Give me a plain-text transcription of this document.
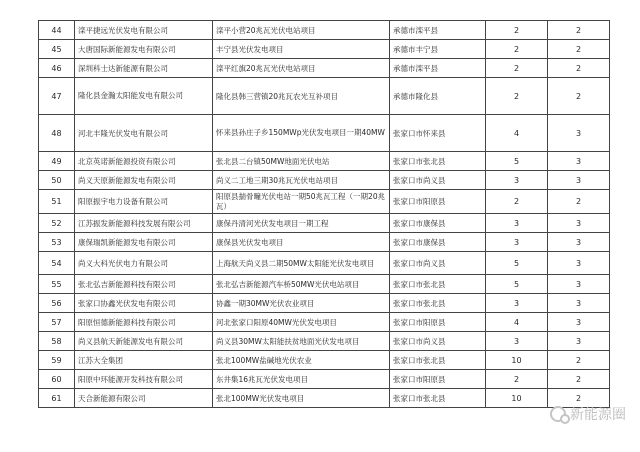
44	滦平捷远光伏发电有限公司	滦平小营20兆瓦光伏电站项目	承德市滦平县	2	2
45	大唐国际新能源发电有限公司	丰宁县光伏发电项目	承德市丰宁县	2	2
46	深圳科士达新能源有限公司	滦平红旗20兆瓦光伏电站项目	承德市滦平县	2	2
47	隆化县金瀚太阳能发电有限公司	隆化县韩三营镇20兆瓦农光互补项目	承德市隆化县	2	2
48	河北丰隆光伏发电有限公司	怀来县孙庄子乡150MWp光伏发电项目一期40MW	张家口市怀来县	4	3
49	北京英诺新能源投资有限公司	张北县二台镇50MW地面光伏电站	张家口市张北县	5	3
50	尚义天原新能源发电有限公司	尚义二工地三期30兆瓦光伏电站项目	张家口市尚义县	3	3
51	阳原振宇电力设备有限公司	阳原县揣骨疃光伏电站一期50兆瓦工程（一期20兆瓦）	张家口市阳原县	2	2
52	江苏振发新能源科技发展有限公司	康保丹清河光伏发电项目一期工程	张家口市康保县	3	3
53	康保瑞凯新能源发电有限公司	康保县光伏发电项目	张家口市康保县	3	3
54	尚义大科光伏电力有限公司	上海航天尚义县二期50MW太阳能光伏发电项目	张家口市尚义县	5	3
55	张北弘吉新能源科技有限公司	张北弘吉新能源汽车桥50MW光伏电站项目	张家口市张北县	5	3
56	张家口协鑫光伏发电有限公司	协鑫一期30MW光伏农业项目	张家口市张北县	3	3
57	阳原恒德新能源科技有限公司	河北张家口阳原40MW光伏发电项目	张家口市阳原县	4	3
58	尚义县航天新能源发电有限公司	尚义县30MW太阳能扶贫地面光伏发电项目	张家口市尚义县	3	3
59	江苏大全集团	张北100MW盐碱地光伏农业	张家口市张北县	10	2
60	阳原中环能源开发科技有限公司	东井集16兆瓦光伏发电项目	张家口市阳原县	2	2
61	天合新能源有限公司	张北100MW光伏发电项目	张家口市张北县	10	2
新能源圈
